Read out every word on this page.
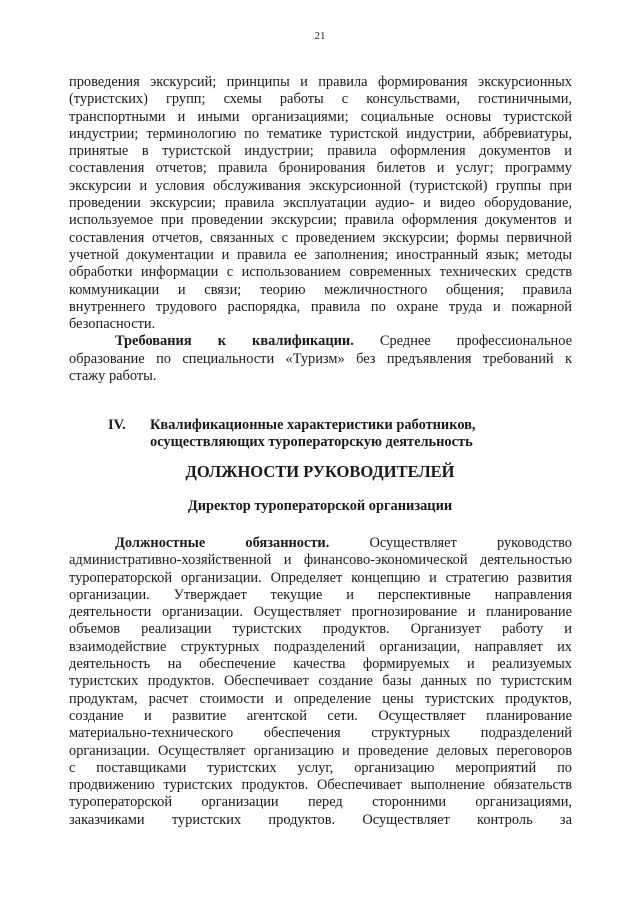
21
проведения экскурсий; принципы и правила формирования экскурсионных
(туристских) групп; схемы работы с консульствами, гостиничными,
транспортными и иными организациями; социальные основы туристской
индустрии; терминологию по тематике туристской индустрии, аббревиатуры,
принятые в туристской индустрии; правила оформления документов и
составления отчетов; правила бронирования билетов и услуг; программу
экскурсии и условия обслуживания экскурсионной (туристской) группы при
проведении экскурсии; правила эксплуатации аудио- и видео оборудование,
используемое при проведении экскурсии; правила оформления документов и
составления отчетов, связанных с проведением экскурсии; формы первичной
учетной документации и правила ее заполнения; иностранный язык; методы
обработки информации с использованием современных технических средств
коммуникации и связи; теорию межличностного общения; правила
внутреннего трудового распорядка, правила по охране труда и пожарной
безопасности.
Требования к квалификации. Среднее профессиональное
образование по специальности «Туризм» без предъявления требований к
стажу работы.
IV.	Квалификационные характеристики работников,
осуществляющих туроператорскую деятельность
ДОЛЖНОСТИ РУКОВОДИТЕЛЕЙ
Директор туроператорской организации
Должностные обязанности.	Осуществляет руководство
административно-хозяйственной и финансово-экономической деятельностью
туроператорской организации. Определяет концепцию и стратегию развития
организации. Утверждает текущие и перспективные направления
деятельности организации. Осуществляет прогнозирование и планирование
объемов реализации туристских продуктов. Организует работу и
взаимодействие структурных подразделений организации, направляет их
деятельность на обеспечение качества формируемых и реализуемых
туристских продуктов. Обеспечивает создание базы данных по туристским
продуктам, расчет стоимости и определение цены туристских продуктов,
создание и развитие агентской сети. Осуществляет планирование
материально-технического обеспечения структурных подразделений
организации. Осуществляет организацию и проведение деловых переговоров
с поставщиками туристских услуг, организацию мероприятий по
продвижению туристских продуктов. Обеспечивает выполнение обязательств
туроператорской организации перед сторонними организациями,
заказчиками туристских продуктов. Осуществляет контроль за
